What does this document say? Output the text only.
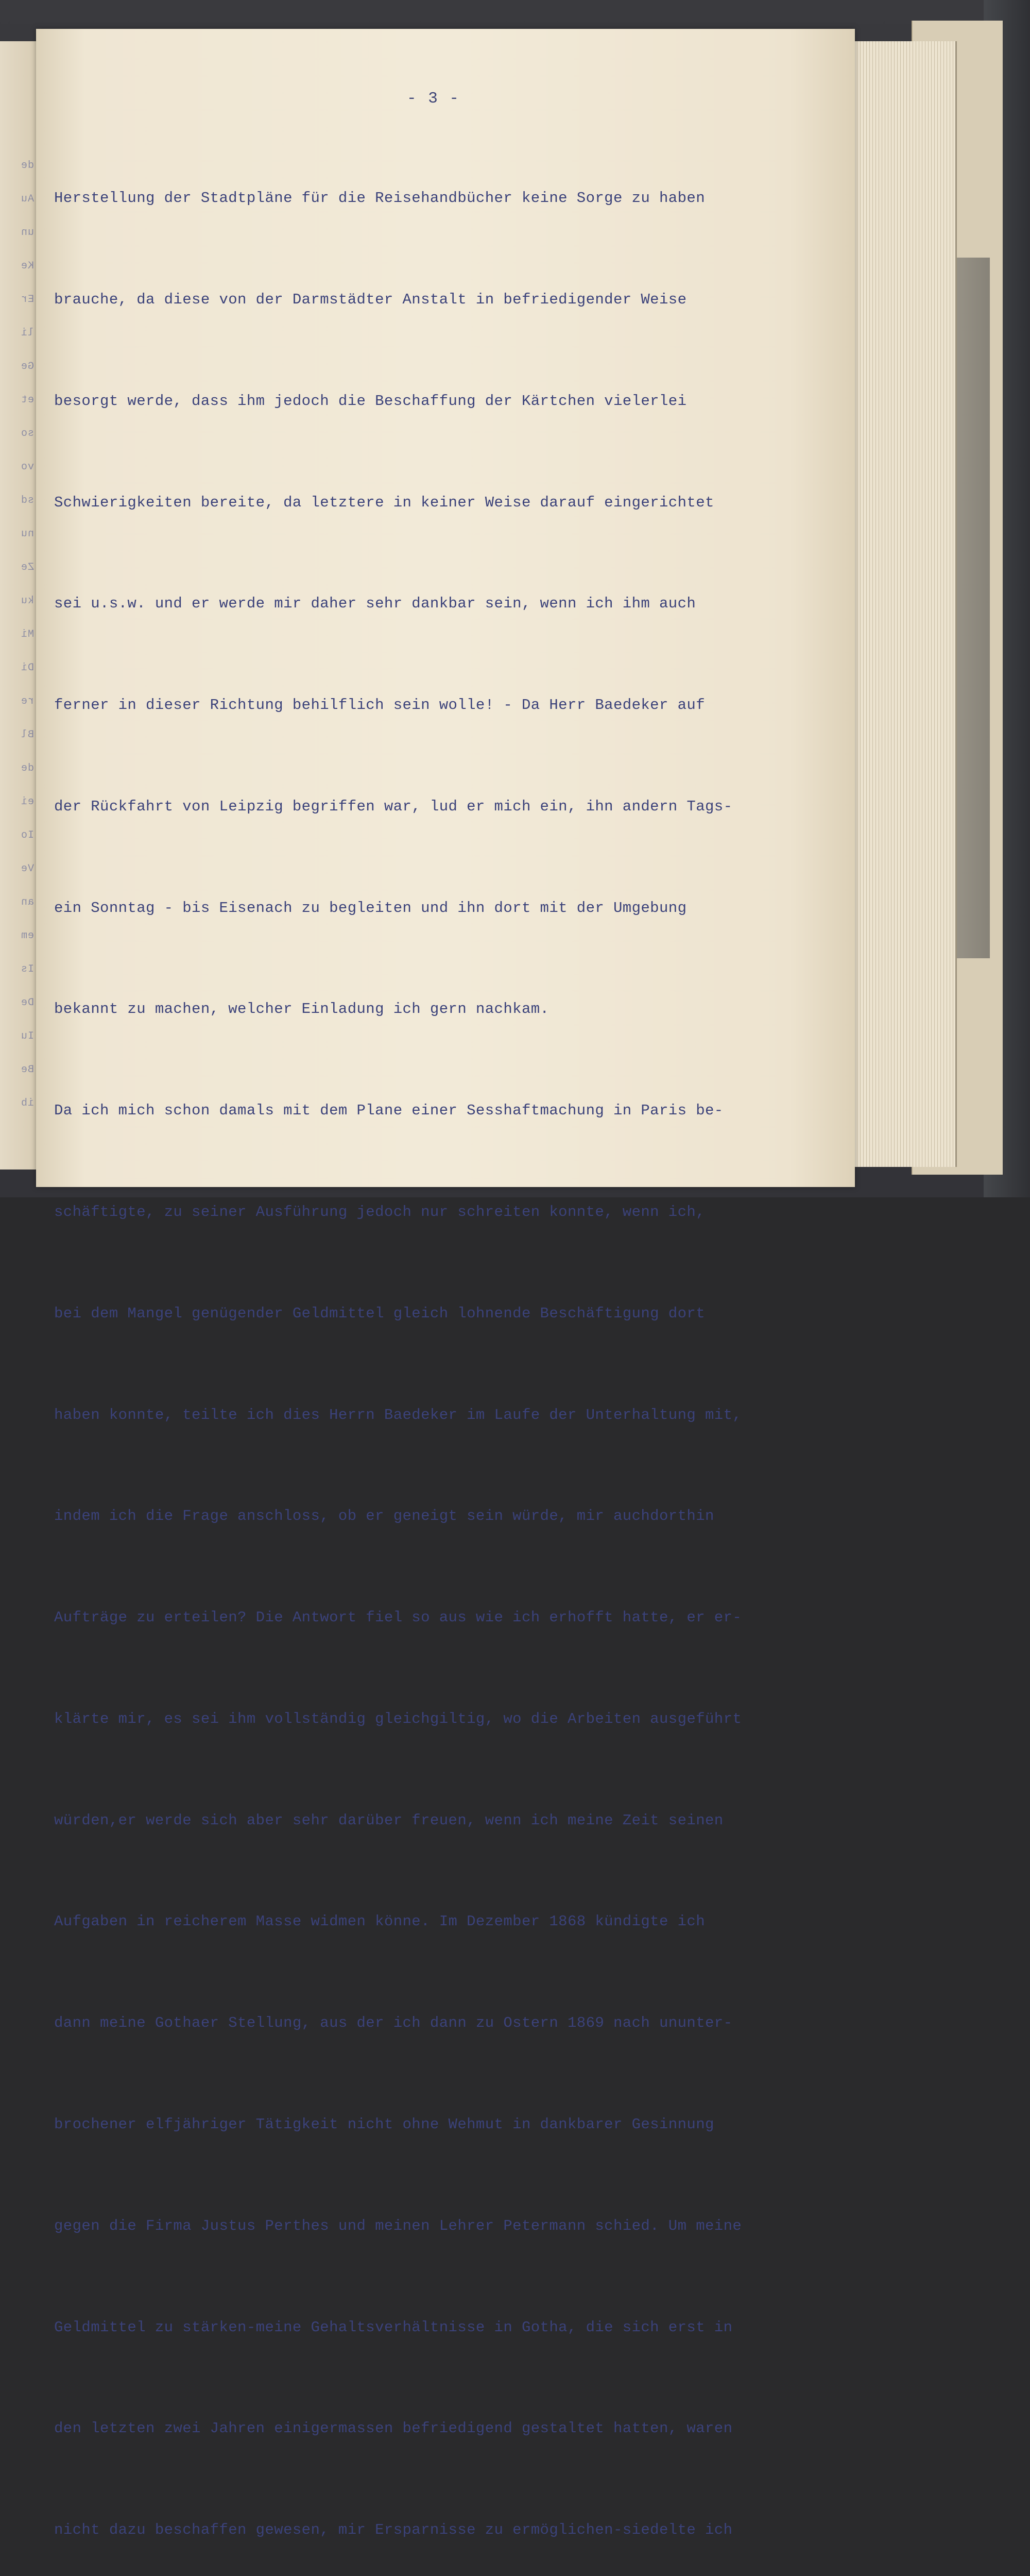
de
Au
un
Ke
Er
li
Ge
et
so
vo
sd
nu
Ze
ku
Mi
Di
re
Bl
de
ei
Io
Ve
an
em
Is
De
Iu
Be
ib
- 3 -

Herstellung der Stadtpläne für die Reisehandbücher keine Sorge zu haben

brauche, da diese von der Darmstädter Anstalt in befriedigender Weise

besorgt werde, dass ihm jedoch die Beschaffung der Kärtchen vielerlei

Schwierigkeiten bereite, da letztere in keiner Weise darauf eingerichtet

sei u.s.w. und er werde mir daher sehr dankbar sein, wenn ich ihm auch

ferner in dieser Richtung behilflich sein wolle! - Da Herr Baedeker auf

der Rückfahrt von Leipzig begriffen war, lud er mich ein, ihn andern Tags-

ein Sonntag - bis Eisenach zu begleiten und ihn dort mit der Umgebung

bekannt zu machen, welcher Einladung ich gern nachkam.

Da ich mich schon damals mit dem Plane einer Sesshaftmachung in Paris be-

schäftigte, zu seiner Ausführung jedoch nur schreiten konnte, wenn ich,

bei dem Mangel genügender Geldmittel gleich lohnende Beschäftigung dort

haben konnte, teilte ich dies Herrn Baedeker im Laufe der Unterhaltung mit,

indem ich die Frage anschloss, ob er geneigt sein würde, mir auchdorthin

Aufträge zu erteilen? Die Antwort fiel so aus wie ich erhofft hatte, er er-

klärte mir, es sei ihm vollständig gleichgiltig, wo die Arbeiten ausgeführt

würden,er werde sich aber sehr darüber freuen, wenn ich meine Zeit seinen

Aufgaben in reicherem Masse widmen könne. Im Dezember 1868 kündigte ich

dann meine Gothaer Stellung, aus der ich dann zu Ostern 1869 nach ununter-

brochener elfjähriger Tätigkeit nicht ohne Wehmut in dankbarer Gesinnung

gegen die Firma Justus Perthes und meinen Lehrer Petermann schied. Um meine

Geldmittel zu stärken-meine Gehaltsverhältnisse in Gotha, die sich erst in

den letzten zwei Jahren einigermassen befriedigend gestaltet hatten, waren

nicht dazu beschaffen gewesen, mir Ersparnisse zu ermöglichen-siedelte ich
